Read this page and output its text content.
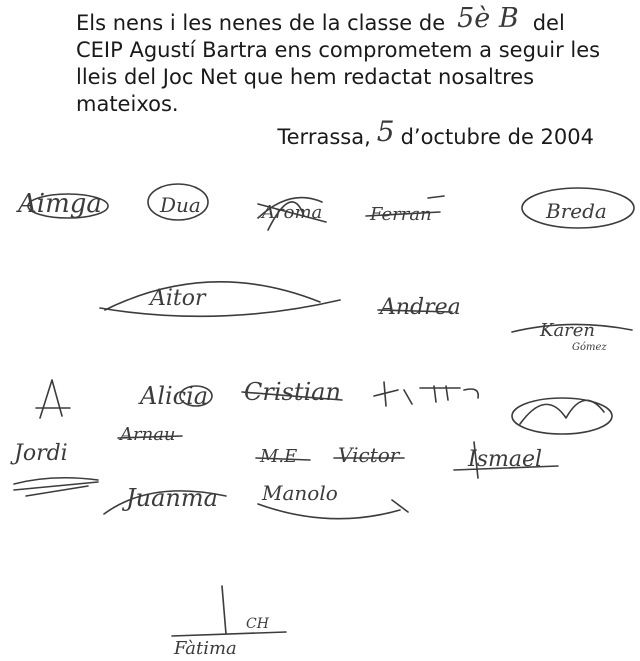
Els nens i les nenes de la classe de 5è B del CEIP Agustí Bartra ens comprometem a seguir les lleis del Joc Net que hem redactat nosaltres mateixos.
Terrassa, 5 d’octubre de 2004
Aimga	Dua	Aroma	Ferran	Breda
Aitor	Andrea
Karen
Gómez
Alicia Cristian
Jordi
Arnau
M.E Victor	Ismael
Juanma Manolo
CH
Fàtima
